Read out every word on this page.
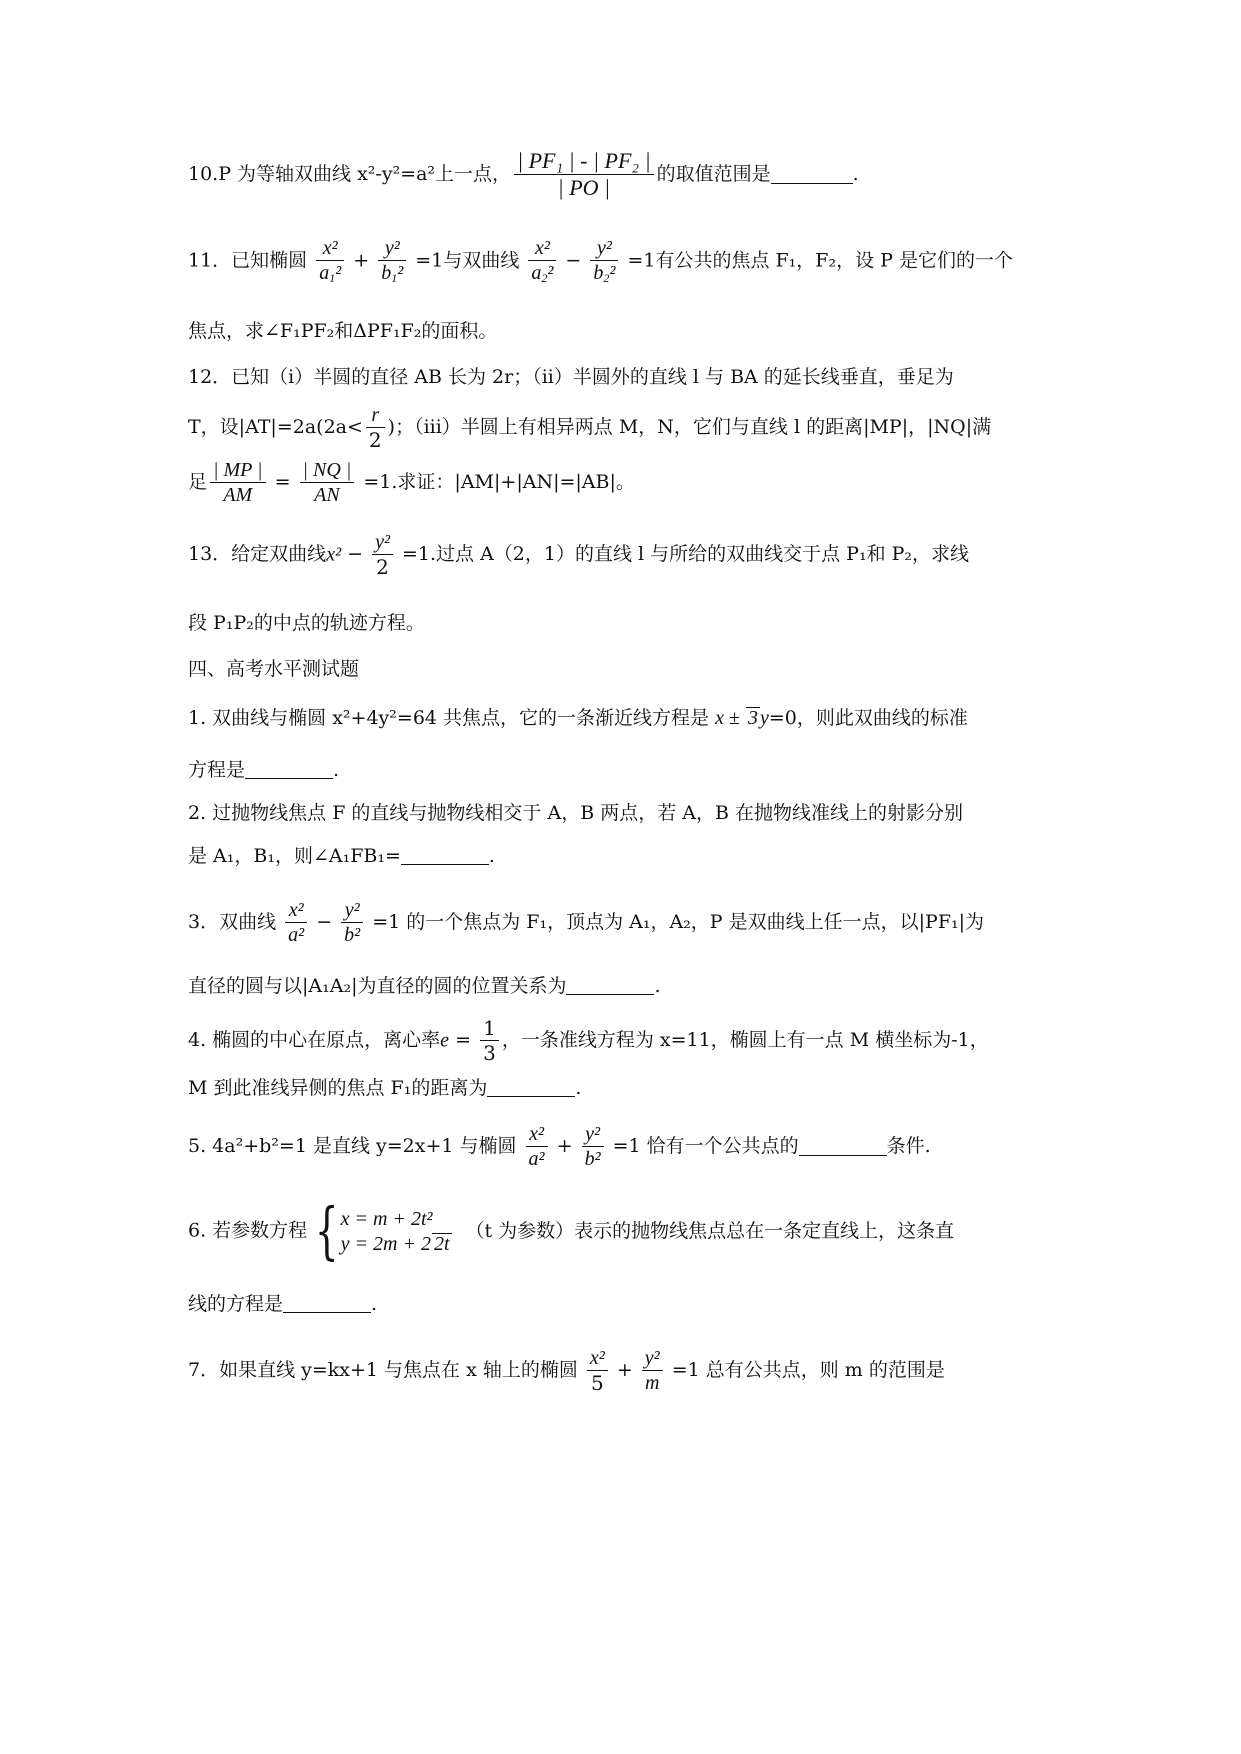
10.P 为等轴双曲线 x²-y²=a²上一点， $\frac{\text{| PF₁ | - | PF₂ |}}{| PO |}$ 的取值范围是	.
11．已知椭圆 $\frac{\text{x²}}{a_1^2} + \frac{\text{y²}}{b_1^2} =1$与双曲线 $\frac{\text{x²}}{a_2^2} - \frac{\text{y²}}{b_2^2} =1$有公共的焦点 F₁，F₂，设 P 是它们的一个
焦点，求∠F₁PF₂和ΔPF₁F₂的面积。
12．已知（i）半圆的直径 AB 长为 2r；（ii）半圆外的直线 l 与 BA 的延长线垂直，垂足为
T，设$|AT|=2a(2a< \frac{r}{2}$ )；（iii）半圆上有相异两点 M，N，它们与直线 l 的距离|MP|，|NQ|满
足 $\frac{| MP |}{AM} = \frac{| NQ |}{AN} =1$.求证：|AM|+|AN|=|AB|。
13．给定双曲线$x^2 - \frac{\text{y²}}{2} =1$.过点 A（2，1）的直线 l 与所给的双曲线交于点 P₁和 P₂，求线
段 P₁P₂的中点的轨迹方程。
四、高考水平测试题
1. 双曲线与椭圆 x²+4y²=64 共焦点，它的一条渐近线方程是 x ± 3 y=0，则此双曲线的标准
方程是	.
2. 过抛物线焦点 F 的直线与抛物线相交于 A，B 两点，若 A，B 在抛物线准线上的射影分别
是 A₁，B₁，则∠A₁FB₁=	.
3．双曲线 $\frac{\text{x²}}{\text{a²}} - \frac{\text{y²}}{\text{b²}} =1$ 的一个焦点为 F₁，顶点为 A₁，A₂，P 是双曲线上任一点，以|PF₁|为
直径的圆与以|A₁A₂|为直径的圆的位置关系为	.
4. 椭圆的中心在原点，离心率$e = \frac{1}{3}$ ，一条准线方程为 x=11，椭圆上有一点 M 横坐标为-1，
M 到此准线异侧的焦点 F₁的距离为	.
5. 4a²+b²=1 是直线 y=2x+1 与椭圆 $\frac{\text{x²}}{\text{a²}} + \frac{\text{y²}}{\text{b²}} =1$ 恰有一个公共点的	条件.
6. 若参数方程 { x = m + 2t²
y = 2m + 2 2t
（t 为参数）表示的抛物线焦点总在一条定直线上，这条直
线的方程是	.
7．如果直线 y=kx+1 与焦点在 x 轴上的椭圆 $\frac{\text{x²}}{5} + \frac{\text{y²}}{m} =1$ 总有公共点，则 m 的范围是
